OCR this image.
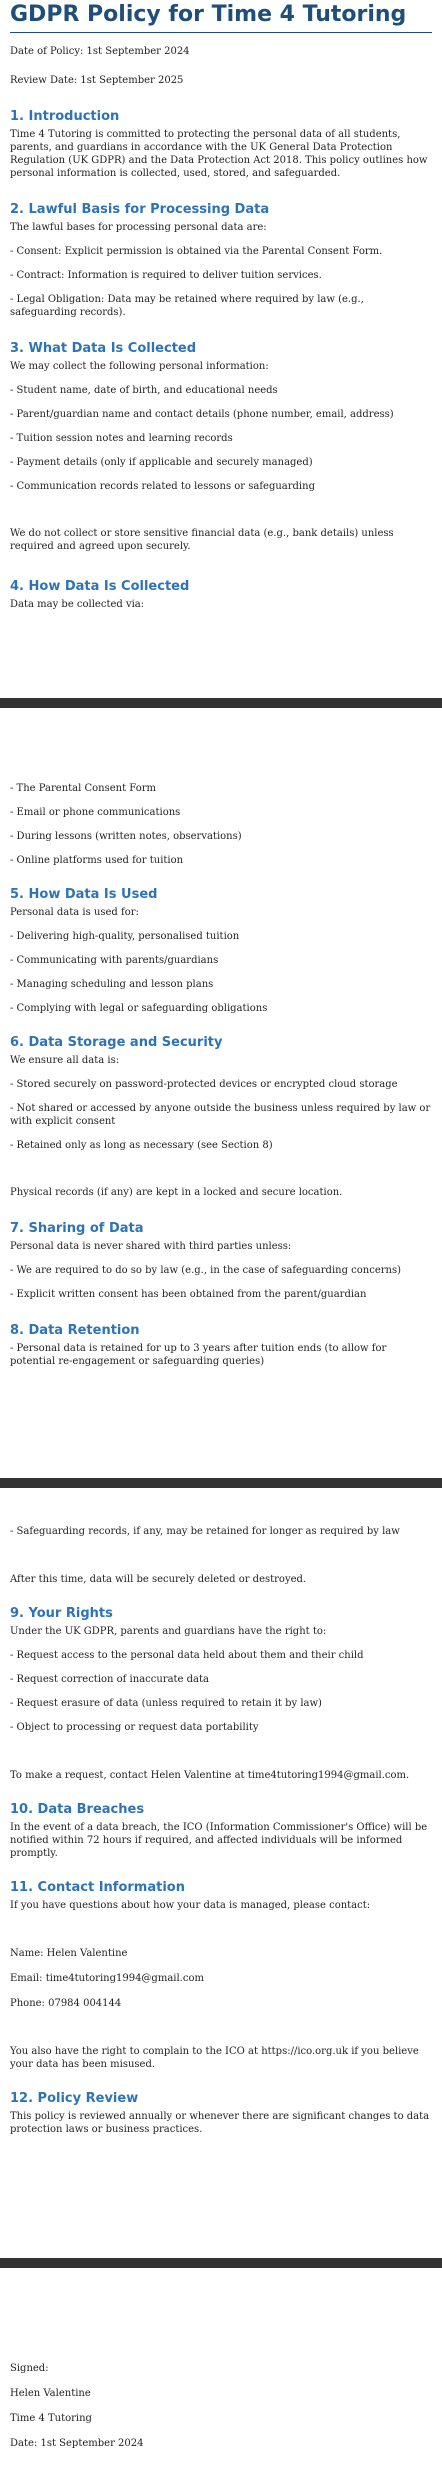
GDPR Policy for Time 4 Tutoring

Date of Policy: 1st September 2024

Review Date: 1st September 2025

1. Introduction

Time 4 Tutoring is committed to protecting the personal data of all students, parents, and guardians in accordance with the UK General Data Protection Regulation (UK GDPR) and the Data Protection Act 2018. This policy outlines how personal information is collected, used, stored, and safeguarded.

2. Lawful Basis for Processing Data

The lawful bases for processing personal data are:

- Consent: Explicit permission is obtained via the Parental Consent Form.

- Contract: Information is required to deliver tuition services.

- Legal Obligation: Data may be retained where required by law (e.g., safeguarding records).

3. What Data Is Collected

We may collect the following personal information:

- Student name, date of birth, and educational needs

- Parent/guardian name and contact details (phone number, email, address)

- Tuition session notes and learning records

- Payment details (only if applicable and securely managed)

- Communication records related to lessons or safeguarding

We do not collect or store sensitive financial data (e.g., bank details) unless required and agreed upon securely.

4. How Data Is Collected

Data may be collected via:

- The Parental Consent Form

- Email or phone communications

- During lessons (written notes, observations)

- Online platforms used for tuition

5. How Data Is Used

Personal data is used for:

- Delivering high-quality, personalised tuition

- Communicating with parents/guardians

- Managing scheduling and lesson plans

- Complying with legal or safeguarding obligations

6. Data Storage and Security

We ensure all data is:

- Stored securely on password-protected devices or encrypted cloud storage

- Not shared or accessed by anyone outside the business unless required by law or with explicit consent

- Retained only as long as necessary (see Section 8)

Physical records (if any) are kept in a locked and secure location.

7. Sharing of Data

Personal data is never shared with third parties unless:

- We are required to do so by law (e.g., in the case of safeguarding concerns)

- Explicit written consent has been obtained from the parent/guardian

8. Data Retention

- Personal data is retained for up to 3 years after tuition ends (to allow for potential re-engagement or safeguarding queries)

- Safeguarding records, if any, may be retained for longer as required by law

After this time, data will be securely deleted or destroyed.

9. Your Rights

Under the UK GDPR, parents and guardians have the right to:

- Request access to the personal data held about them and their child

- Request correction of inaccurate data

- Request erasure of data (unless required to retain it by law)

- Object to processing or request data portability

To make a request, contact Helen Valentine at time4tutoring1994@gmail.com.

10. Data Breaches

In the event of a data breach, the ICO (Information Commissioner's Office) will be notified within 72 hours if required, and affected individuals will be informed promptly.

11. Contact Information

If you have questions about how your data is managed, please contact:

Name: Helen Valentine

Email: time4tutoring1994@gmail.com

Phone: 07984 004144

You also have the right to complain to the ICO at https://ico.org.uk if you believe your data has been misused.

12. Policy Review

This policy is reviewed annually or whenever there are significant changes to data protection laws or business practices.

Signed:

Helen Valentine

Time 4 Tutoring

Date: 1st September 2024
